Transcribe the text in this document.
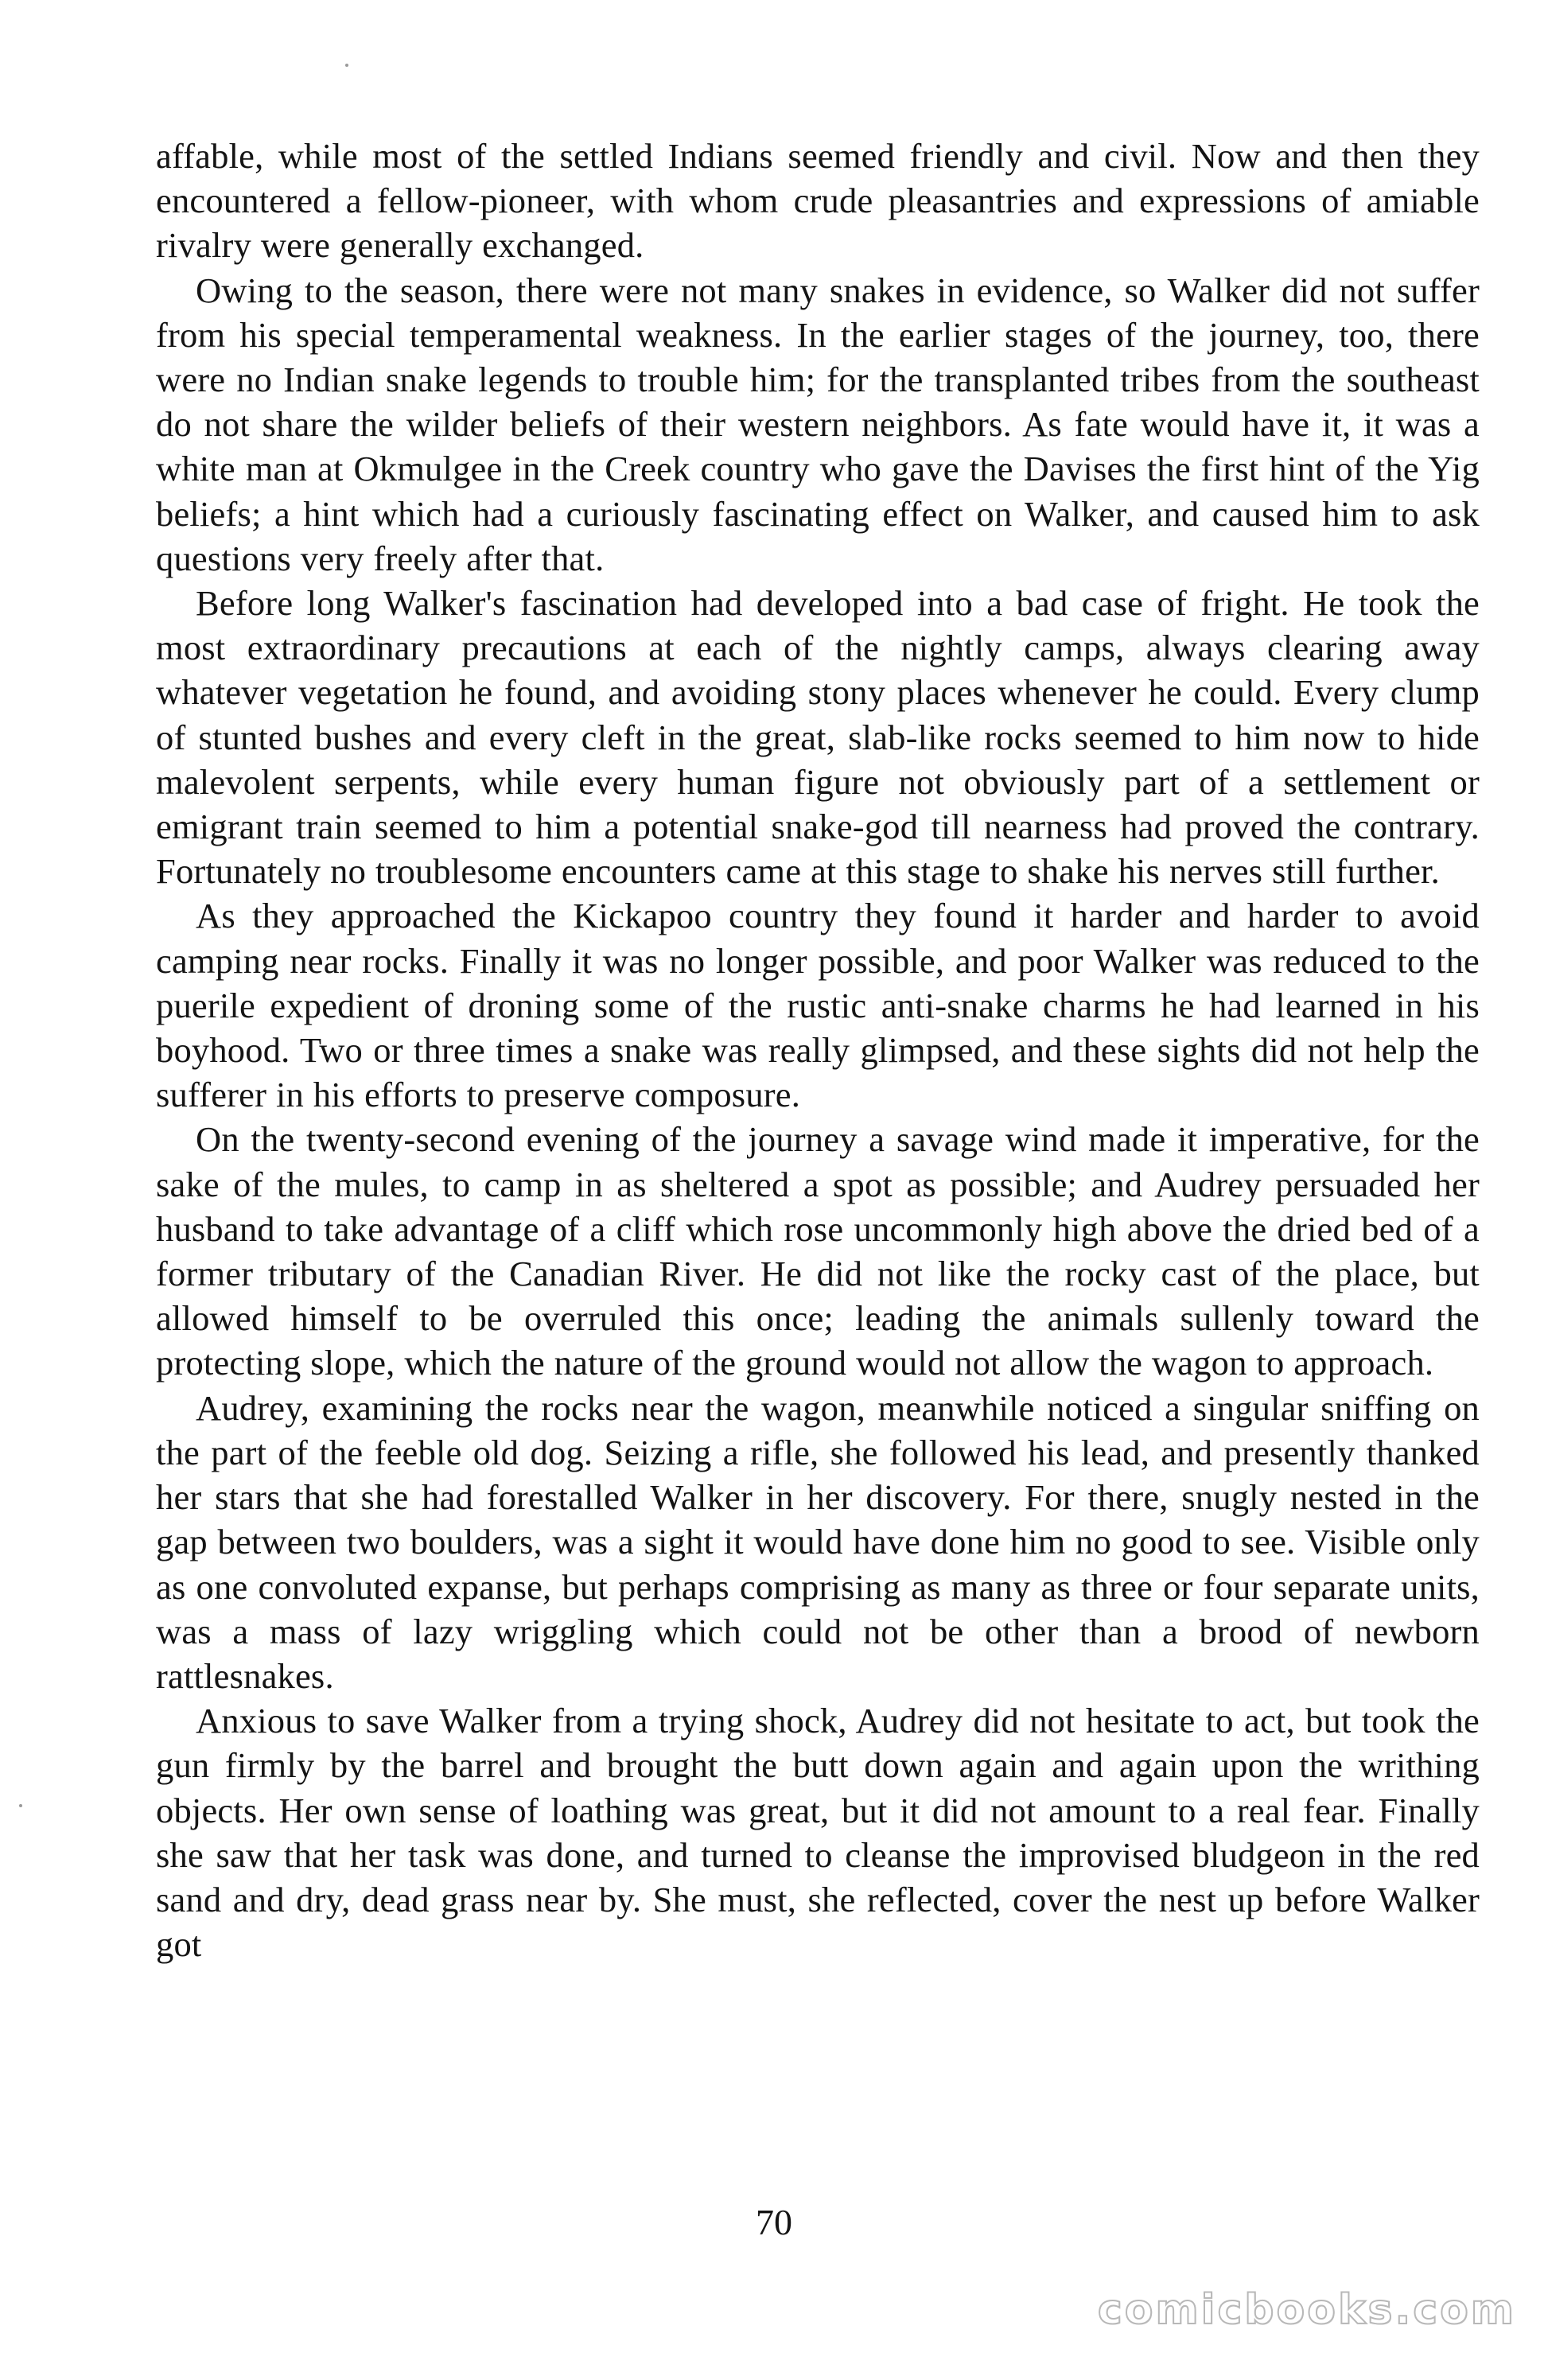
affable, while most of the settled Indians seemed friendly and civil. Now and then they encountered a fellow-pioneer, with whom crude pleasantries and expressions of amiable rivalry were generally exchanged.

Owing to the season, there were not many snakes in evidence, so Walker did not suffer from his special temperamental weakness. In the earlier stages of the journey, too, there were no Indian snake legends to trouble him; for the transplanted tribes from the southeast do not share the wilder beliefs of their western neighbors. As fate would have it, it was a white man at Okmulgee in the Creek country who gave the Davises the first hint of the Yig beliefs; a hint which had a curiously fascinating effect on Walker, and caused him to ask questions very freely after that.

Before long Walker's fascination had developed into a bad case of fright. He took the most extraordinary precautions at each of the nightly camps, always clearing away whatever vegetation he found, and avoiding stony places whenever he could. Every clump of stunted bushes and every cleft in the great, slab-like rocks seemed to him now to hide malevolent serpents, while every human figure not obviously part of a settlement or emigrant train seemed to him a potential snake-god till nearness had proved the contrary. Fortunately no troublesome encounters came at this stage to shake his nerves still further.

As they approached the Kickapoo country they found it harder and harder to avoid camping near rocks. Finally it was no longer possible, and poor Walker was reduced to the puerile expedient of droning some of the rustic anti-snake charms he had learned in his boyhood. Two or three times a snake was really glimpsed, and these sights did not help the sufferer in his efforts to preserve composure.

On the twenty-second evening of the journey a savage wind made it imperative, for the sake of the mules, to camp in as sheltered a spot as possible; and Audrey persuaded her husband to take advantage of a cliff which rose uncommonly high above the dried bed of a former tributary of the Canadian River. He did not like the rocky cast of the place, but allowed himself to be overruled this once; leading the animals sullenly toward the protecting slope, which the nature of the ground would not allow the wagon to approach.

Audrey, examining the rocks near the wagon, meanwhile noticed a singular sniffing on the part of the feeble old dog. Seizing a rifle, she followed his lead, and presently thanked her stars that she had forestalled Walker in her discovery. For there, snugly nested in the gap between two boulders, was a sight it would have done him no good to see. Visible only as one convoluted expanse, but perhaps comprising as many as three or four separate units, was a mass of lazy wriggling which could not be other than a brood of newborn rattlesnakes.

Anxious to save Walker from a trying shock, Audrey did not hesitate to act, but took the gun firmly by the barrel and brought the butt down again and again upon the writhing objects. Her own sense of loathing was great, but it did not amount to a real fear. Finally she saw that her task was done, and turned to cleanse the improvised bludgeon in the red sand and dry, dead grass near by. She must, she reflected, cover the nest up before Walker got

70
comicbooks.com
